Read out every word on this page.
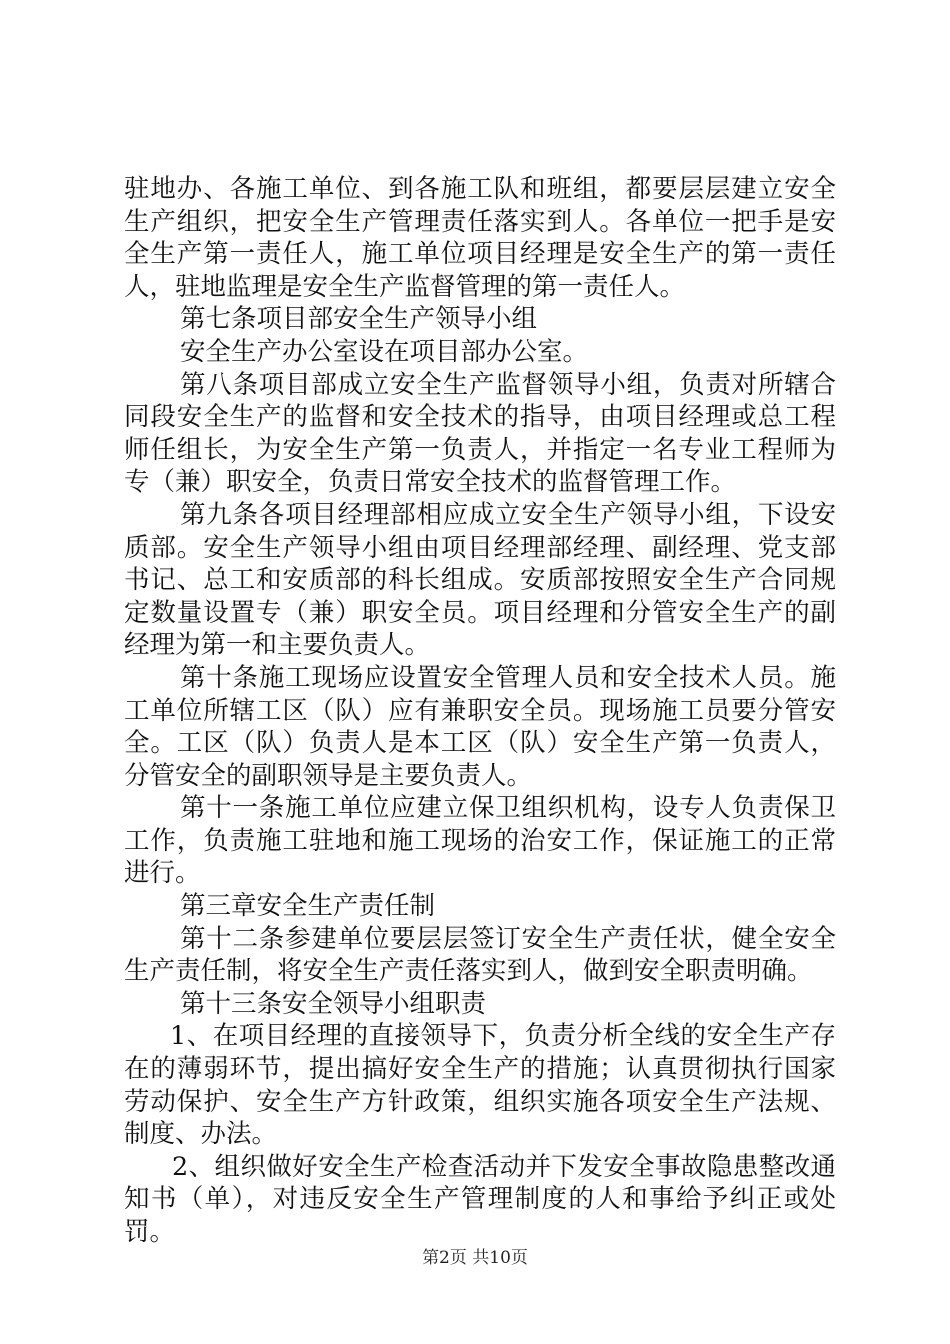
驻地办、各施工单位、到各施工队和班组，都要层层建立安全生产组织，把安全生产管理责任落实到人。各单位一把手是安全生产第一责任人，施工单位项目经理是安全生产的第一责任人，驻地监理是安全生产监督管理的第一责任人。

第七条项目部安全生产领导小组

安全生产办公室设在项目部办公室。

第八条项目部成立安全生产监督领导小组，负责对所辖合同段安全生产的监督和安全技术的指导，由项目经理或总工程师任组长，为安全生产第一负责人，并指定一名专业工程师为专（兼）职安全，负责日常安全技术的监督管理工作。

第九条各项目经理部相应成立安全生产领导小组，下设安质部。安全生产领导小组由项目经理部经理、副经理、党支部书记、总工和安质部的科长组成。安质部按照安全生产合同规定数量设置专（兼）职安全员。项目经理和分管安全生产的副经理为第一和主要负责人。

第十条施工现场应设置安全管理人员和安全技术人员。施工单位所辖工区（队）应有兼职安全员。现场施工员要分管安全。工区（队）负责人是本工区（队）安全生产第一负责人，分管安全的副职领导是主要负责人。

第十一条施工单位应建立保卫组织机构，设专人负责保卫工作，负责施工驻地和施工现场的治安工作，保证施工的正常进行。

第三章安全生产责任制

第十二条参建单位要层层签订安全生产责任状，健全安全生产责任制，将安全生产责任落实到人，做到安全职责明确。

第十三条安全领导小组职责

1、在项目经理的直接领导下，负责分析全线的安全生产存在的薄弱环节，提出搞好安全生产的措施；认真贯彻执行国家劳动保护、安全生产方针政策，组织实施各项安全生产法规、制度、办法。

2、组织做好安全生产检查活动并下发安全事故隐患整改通知书（单），对违反安全生产管理制度的人和事给予纠正或处罚。

第2页 共10页
